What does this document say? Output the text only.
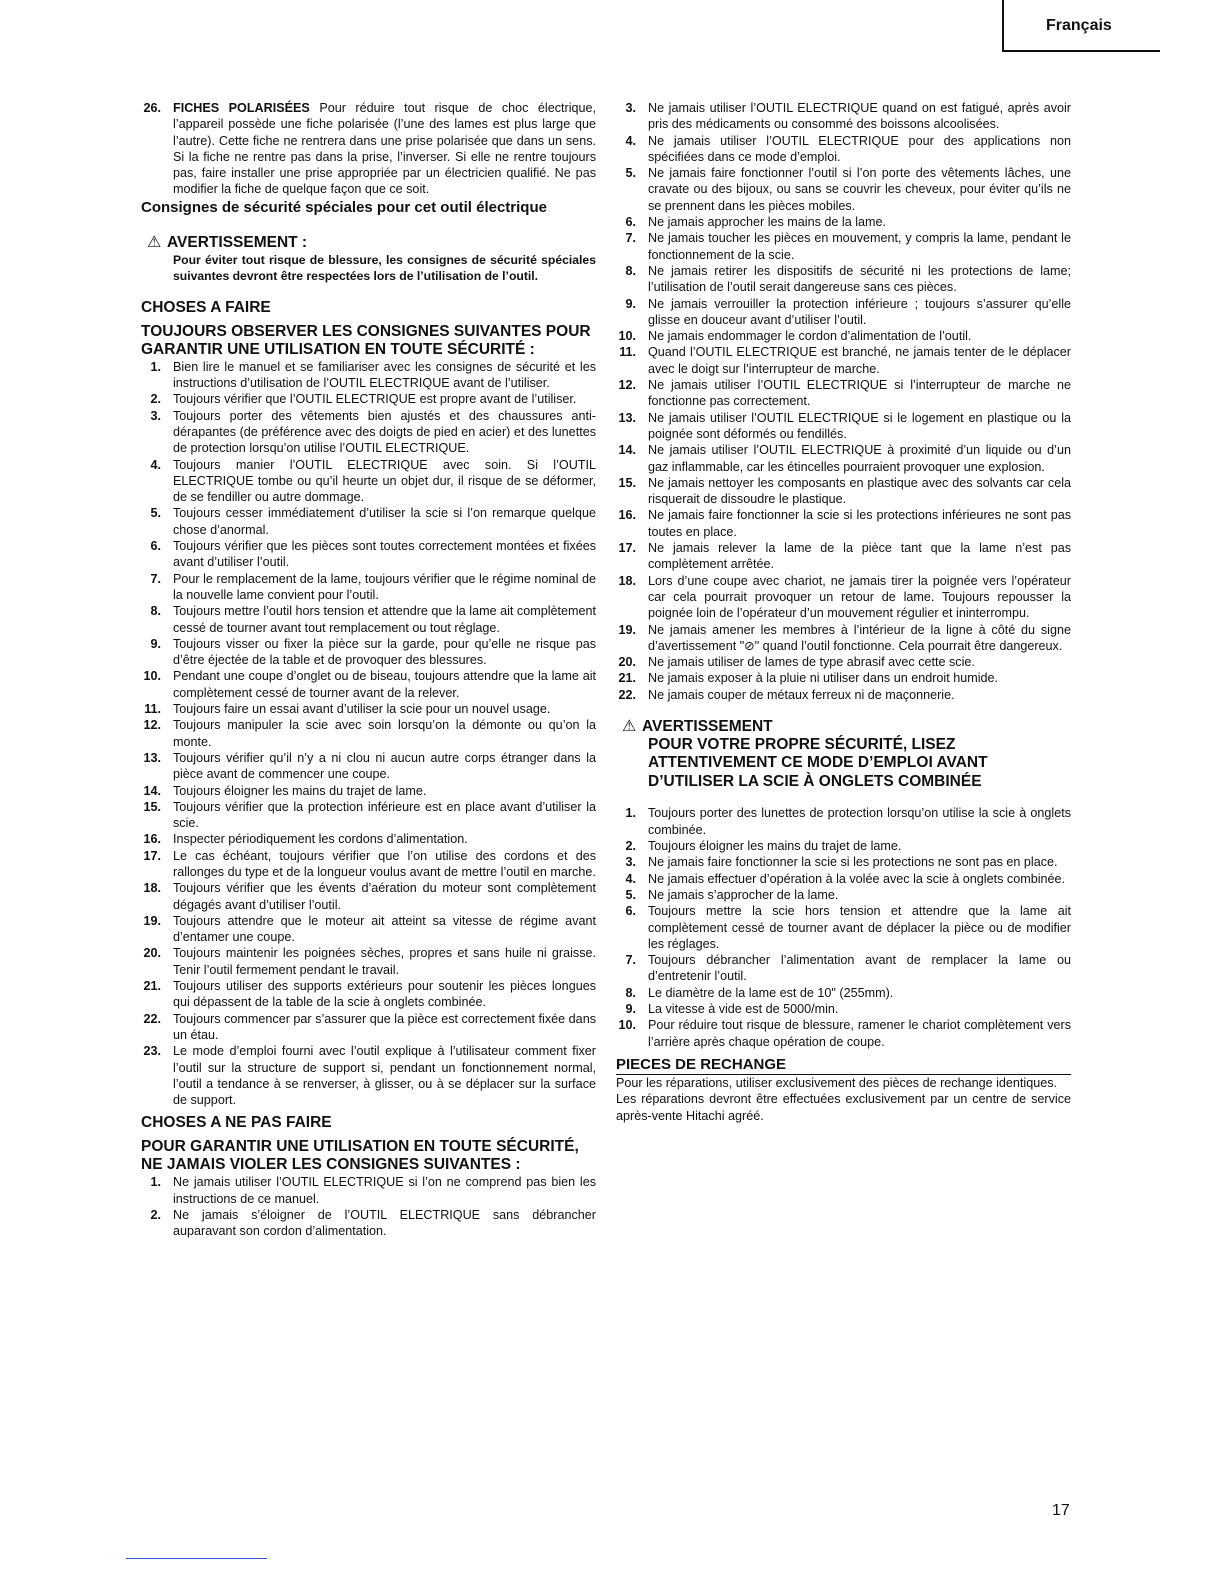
Français
26. FICHES POLARISÉES Pour réduire tout risque de choc électrique, l’appareil possède une fiche polarisée (l’une des lames est plus large que l’autre). Cette fiche ne rentrera dans une prise polarisée que dans un sens. Si la fiche ne rentre pas dans la prise, l’inverser. Si elle ne rentre toujours pas, faire installer une prise appropriée par un électricien qualifié. Ne pas modifier la fiche de quelque façon que ce soit.
Consignes de sécurité spéciales pour cet outil électrique
⚠ AVERTISSEMENT :
Pour éviter tout risque de blessure, les consignes de sécurité spéciales suivantes devront être respectées lors de l’utilisation de l’outil.
CHOSES A FAIRE
TOUJOURS OBSERVER LES CONSIGNES SUIVANTES POUR GARANTIR UNE UTILISATION EN TOUTE SÉCURITÉ :
1. Bien lire le manuel et se familiariser avec les consignes de sécurité et les instructions d’utilisation de l’OUTIL ELECTRIQUE avant de l’utiliser.
2. Toujours vérifier que l’OUTIL ELECTRIQUE est propre avant de l’utiliser.
3. Toujours porter des vêtements bien ajustés et des chaussures anti-dérapantes (de préférence avec des doigts de pied en acier) et des lunettes de protection lorsqu’on utilise l’OUTIL ELECTRIQUE.
4. Toujours manier l’OUTIL ELECTRIQUE avec soin. Si l’OUTIL ELECTRIQUE tombe ou qu’il heurte un objet dur, il risque de se déformer, de se fendiller ou autre dommage.
5. Toujours cesser immédiatement d’utiliser la scie si l’on remarque quelque chose d’anormal.
6. Toujours vérifier que les pièces sont toutes correctement montées et fixées avant d’utiliser l’outil.
7. Pour le remplacement de la lame, toujours vérifier que le régime nominal de la nouvelle lame convient pour l’outil.
8. Toujours mettre l’outil hors tension et attendre que la lame ait complètement cessé de tourner avant tout remplacement ou tout réglage.
9. Toujours visser ou fixer la pièce sur la garde, pour qu’elle ne risque pas d’être éjectée de la table et de provoquer des blessures.
10. Pendant une coupe d’onglet ou de biseau, toujours attendre que la lame ait complètement cessé de tourner avant de la relever.
11. Toujours faire un essai avant d’utiliser la scie pour un nouvel usage.
12. Toujours manipuler la scie avec soin lorsqu’on la démonte ou qu’on la monte.
13. Toujours vérifier qu’il n’y a ni clou ni aucun autre corps étranger dans la pièce avant de commencer une coupe.
14. Toujours éloigner les mains du trajet de lame.
15. Toujours vérifier que la protection inférieure est en place avant d’utiliser la scie.
16. Inspecter périodiquement les cordons d’alimentation.
17. Le cas échéant, toujours vérifier que l’on utilise des cordons et des rallonges du type et de la longueur voulus avant de mettre l’outil en marche.
18. Toujours vérifier que les évents d’aération du moteur sont complètement dégagés avant d’utiliser l’outil.
19. Toujours attendre que le moteur ait atteint sa vitesse de régime avant d’entamer une coupe.
20. Toujours maintenir les poignées sèches, propres et sans huile ni graisse. Tenir l’outil fermement pendant le travail.
21. Toujours utiliser des supports extérieurs pour soutenir les pièces longues qui dépassent de la table de la scie à onglets combinée.
22. Toujours commencer par s’assurer que la pièce est correctement fixée dans un étau.
23. Le mode d’emploi fourni avec l’outil explique à l’utilisateur comment fixer l’outil sur la structure de support si, pendant un fonctionnement normal, l’outil a tendance à se renverser, à glisser, ou à se déplacer sur la surface de support.
CHOSES A NE PAS FAIRE
POUR GARANTIR UNE UTILISATION EN TOUTE SÉCURITÉ, NE JAMAIS VIOLER LES CONSIGNES SUIVANTES :
1. Ne jamais utiliser l’OUTIL ELECTRIQUE si l’on ne comprend pas bien les instructions de ce manuel.
2. Ne jamais s’éloigner de l’OUTIL ELECTRIQUE sans débrancher auparavant son cordon d’alimentation.
3. Ne jamais utiliser l’OUTIL ELECTRIQUE quand on est fatigué, après avoir pris des médicaments ou consommé des boissons alcoolisées.
4. Ne jamais utiliser l’OUTIL ELECTRIQUE pour des applications non spécifiées dans ce mode d’emploi.
5. Ne jamais faire fonctionner l’outil si l’on porte des vêtements lâches, une cravate ou des bijoux, ou sans se couvrir les cheveux, pour éviter qu’ils ne se prennent dans les pièces mobiles.
6. Ne jamais approcher les mains de la lame.
7. Ne jamais toucher les pièces en mouvement, y compris la lame, pendant le fonctionnement de la scie.
8. Ne jamais retirer les dispositifs de sécurité ni les protections de lame; l’utilisation de l’outil serait dangereuse sans ces pièces.
9. Ne jamais verrouiller la protection inférieure ; toujours s’assurer qu’elle glisse en douceur avant d’utiliser l’outil.
10. Ne jamais endommager le cordon d’alimentation de l’outil.
11. Quand l’OUTIL ELECTRIQUE est branché, ne jamais tenter de le déplacer avec le doigt sur l’interrupteur de marche.
12. Ne jamais utiliser l’OUTIL ELECTRIQUE si l’interrupteur de marche ne fonctionne pas correctement.
13. Ne jamais utiliser l’OUTIL ELECTRIQUE si le logement en plastique ou la poignée sont déformés ou fendillés.
14. Ne jamais utiliser l’OUTIL ELECTRIQUE à proximité d’un liquide ou d’un gaz inflammable, car les étincelles pourraient provoquer une explosion.
15. Ne jamais nettoyer les composants en plastique avec des solvants car cela risquerait de dissoudre le plastique.
16. Ne jamais faire fonctionner la scie si les protections inférieures ne sont pas toutes en place.
17. Ne jamais relever la lame de la pièce tant que la lame n’est pas complètement arrêtée.
18. Lors d’une coupe avec chariot, ne jamais tirer la poignée vers l’opérateur car cela pourrait provoquer un retour de lame. Toujours repousser la poignée loin de l’opérateur d’un mouvement régulier et ininterrompu.
19. Ne jamais amener les membres à l’intérieur de la ligne à côté du signe d’avertissement "⊘" quand l’outil fonctionne. Cela pourrait être dangereux.
20. Ne jamais utiliser de lames de type abrasif avec cette scie.
21. Ne jamais exposer à la pluie ni utiliser dans un endroit humide.
22. Ne jamais couper de métaux ferreux ni de maçonnerie.
⚠ AVERTISSEMENT
POUR VOTRE PROPRE SÉCURITÉ, LISEZ ATTENTIVEMENT CE MODE D’EMPLOI AVANT D’UTILISER LA SCIE À ONGLETS COMBINÉE
1. Toujours porter des lunettes de protection lorsqu’on utilise la scie à onglets combinée.
2. Toujours éloigner les mains du trajet de lame.
3. Ne jamais faire fonctionner la scie si les protections ne sont pas en place.
4. Ne jamais effectuer d’opération à la volée avec la scie à onglets combinée.
5. Ne jamais s’approcher de la lame.
6. Toujours mettre la scie hors tension et attendre que la lame ait complètement cessé de tourner avant de déplacer la pièce ou de modifier les réglages.
7. Toujours débrancher l’alimentation avant de remplacer la lame ou d’entretenir l’outil.
8. Le diamètre de la lame est de 10" (255mm).
9. La vitesse à vide est de 5000/min.
10. Pour réduire tout risque de blessure, ramener le chariot complètement vers l’arrière après chaque opération de coupe.
PIECES DE RECHANGE

Pour les réparations, utiliser exclusivement des pièces de rechange identiques.

Les réparations devront être effectuées exclusivement par un centre de service après-vente Hitachi agréé.

17
